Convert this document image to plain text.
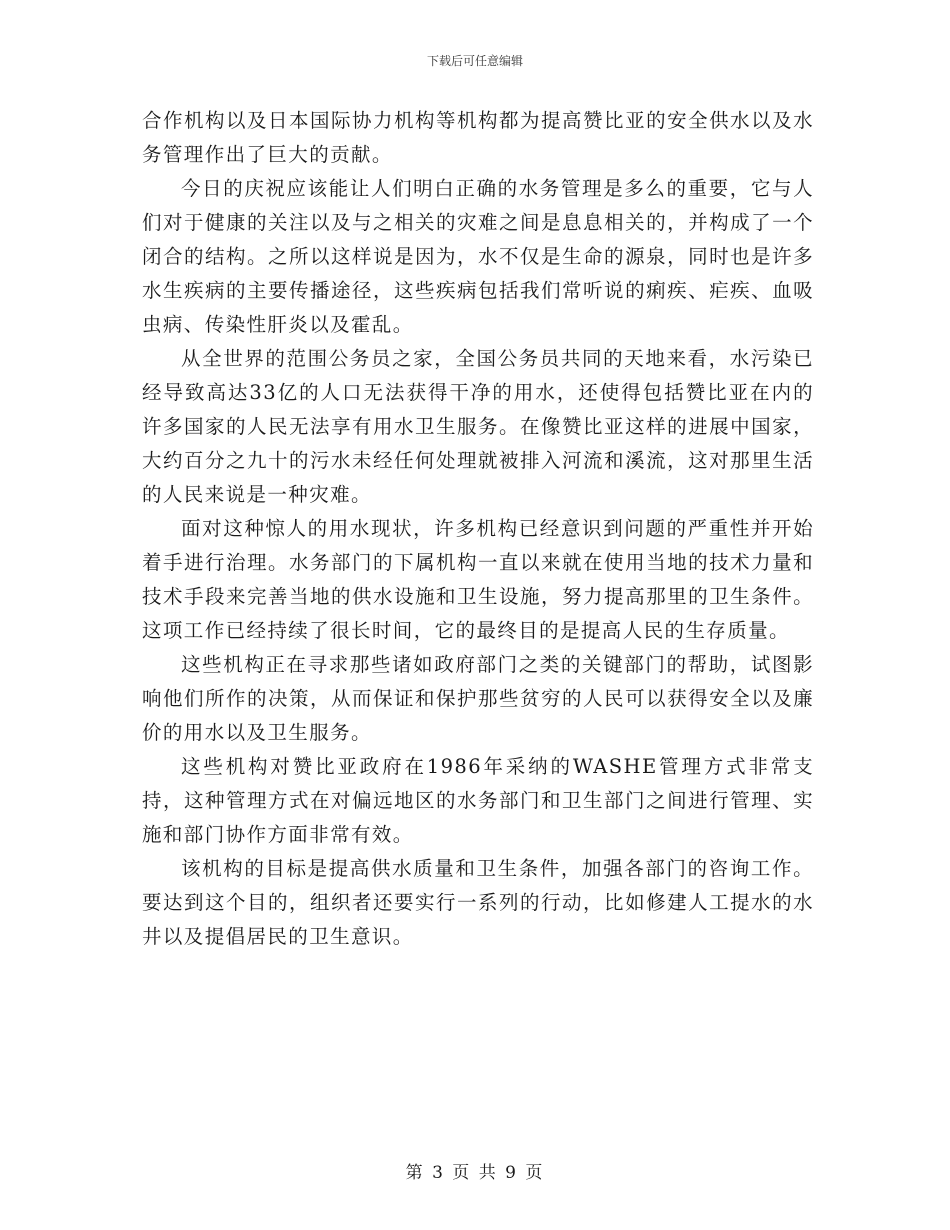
下载后可任意编辑

合作机构以及日本国际协力机构等机构都为提高赞比亚的安全供水以及水务管理作出了巨大的贡献。

今日的庆祝应该能让人们明白正确的水务管理是多么的重要，它与人们对于健康的关注以及与之相关的灾难之间是息息相关的，并构成了一个闭合的结构。之所以这样说是因为，水不仅是生命的源泉，同时也是许多水生疾病的主要传播途径，这些疾病包括我们常听说的痢疾、疟疾、血吸虫病、传染性肝炎以及霍乱。

从全世界的范围公务员之家，全国公务员共同的天地来看，水污染已经导致高达33亿的人口无法获得干净的用水，还使得包括赞比亚在内的许多国家的人民无法享有用水卫生服务。在像赞比亚这样的进展中国家，大约百分之九十的污水未经任何处理就被排入河流和溪流，这对那里生活的人民来说是一种灾难。

面对这种惊人的用水现状，许多机构已经意识到问题的严重性并开始着手进行治理。水务部门的下属机构一直以来就在使用当地的技术力量和技术手段来完善当地的供水设施和卫生设施，努力提高那里的卫生条件。这项工作已经持续了很长时间，它的最终目的是提高人民的生存质量。

这些机构正在寻求那些诸如政府部门之类的关键部门的帮助，试图影响他们所作的决策，从而保证和保护那些贫穷的人民可以获得安全以及廉价的用水以及卫生服务。

这些机构对赞比亚政府在1986年采纳的WASHE管理方式非常支持，这种管理方式在对偏远地区的水务部门和卫生部门之间进行管理、实施和部门协作方面非常有效。

该机构的目标是提高供水质量和卫生条件，加强各部门的咨询工作。要达到这个目的，组织者还要实行一系列的行动，比如修建人工提水的水井以及提倡居民的卫生意识。

第 3 页 共 9 页
